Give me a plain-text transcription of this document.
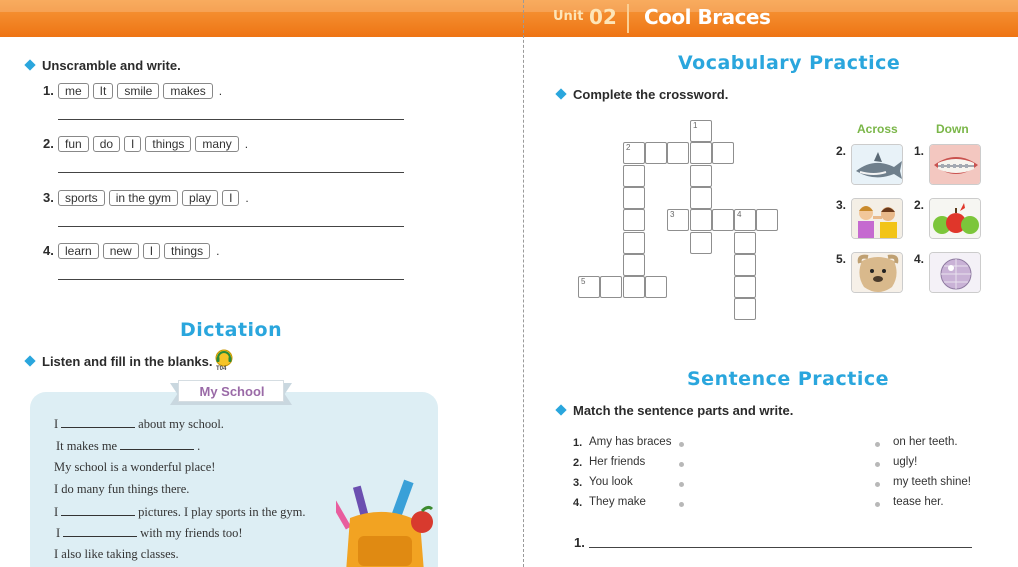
Unit 02 Cool Braces
Unscramble and write.
1. me	It	smile	makes	.
2. fun	do	I	things	many	.
3. sports	in the gym	play	I	.
4. learn	new	I	things	.
Dictation
Listen and fill in the blanks. T04
My School
I	about my school.
It makes me	.
My school is a wonderful place!
I do many fun things there.
I	pictures. I play sports in the gym.
I	with my friends too!
I also like taking classes.
Vocabulary Practice
Complete the crossword.
1
2
3	4
5
Across	Down
2.
3.
5.
1.
2.
4.
Sentence Practice
Match the sentence parts and write.
1. Amy has braces
2. Her friends
3. You look
4. They make
on her teeth.
ugly!
my teeth shine!
tease her.
1.
